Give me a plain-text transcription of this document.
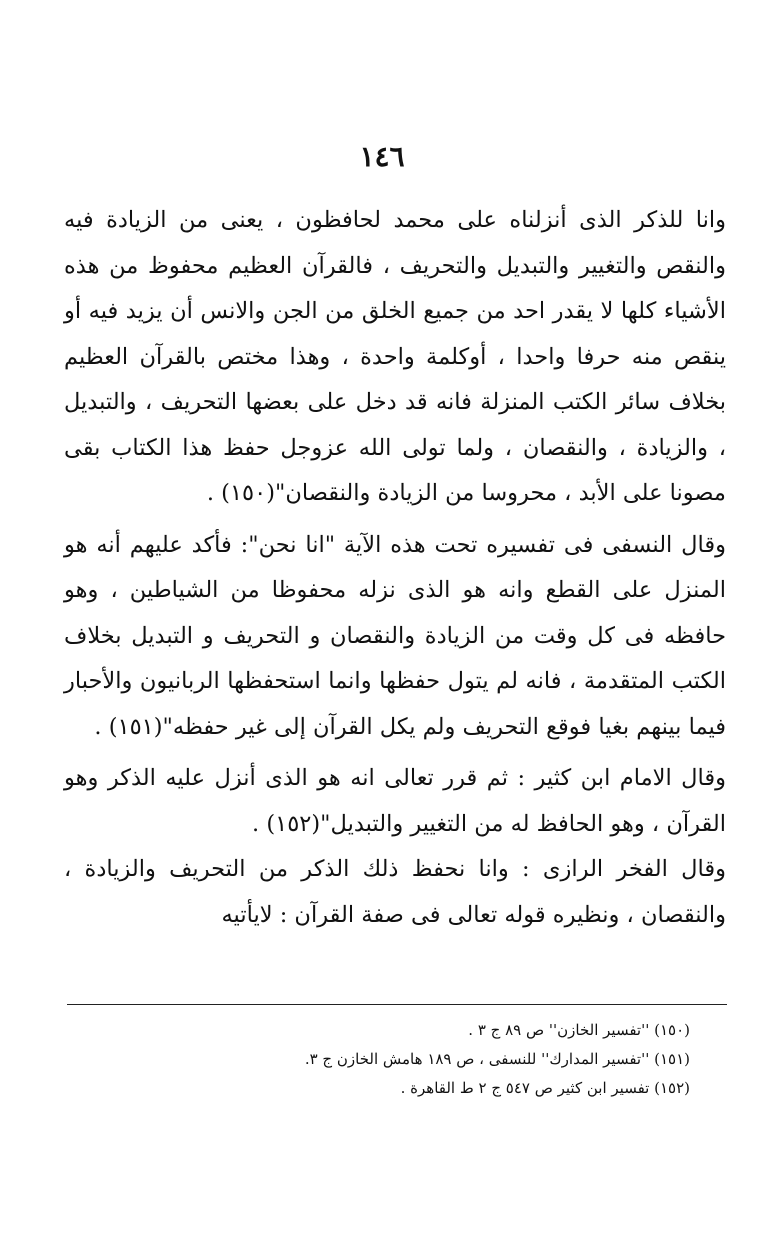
١٤٦

وانا للذكر الذى أنزلناه على محمد لحافظون ، يعنى من الزيادة فيه والنقص والتغيير والتبديل والتحريف ، فالقرآن العظيم محفوظ من هذه الأشياء كلها لا يقدر احد من جميع الخلق من الجن والانس أن يزيد فيه أو ينقص منه حرفا واحدا ، أوكلمة واحدة ، وهذا مختص بالقرآن العظيم بخلاف سائر الكتب المنزلة فانه قد دخل على بعضها التحريف ، والتبديل ، والزيادة ، والنقصان ، ولما تولى الله عزوجل حفظ هذا الكتاب بقى مصونا على الأبد ، محروسا من الزيادة والنقصان"(١٥٠) .

وقال النسفى فى تفسيره تحت هذه الآية "انا نحن": فأكد عليهم أنه هو المنزل على القطع وانه هو الذى نزله محفوظا من الشياطين ، وهو حافظه فى كل وقت من الزيادة والنقصان و التحريف و التبديل بخلاف الكتب المتقدمة ، فانه لم يتول حفظها وانما استحفظها الربانيون والأحبار فيما بينهم بغيا فوقع التحريف ولم يكل القرآن إلى غير حفظه"(١٥١) .

وقال الامام ابن كثير : ثم قرر تعالى انه هو الذى أنزل عليه الذكر وهو القرآن ، وهو الحافظ له من التغيير والتبديل"(١٥٢) .

وقال الفخر الرازى : وانا نحفظ ذلك الذكر من التحريف والزيادة ، والنقصان ، ونظيره قوله تعالى فى صفة القرآن : لايأتيه

(١٥٠) ''تفسير الخازن'' ص ٨٩ ج ٣ .

(١٥١) ''تفسير المدارك'' للنسفى ، ص ١٨٩ هامش الخازن ج ٣.

(١٥٢) تفسير ابن كثير ص ٥٤٧ ج ٢ ط القاهرة .
